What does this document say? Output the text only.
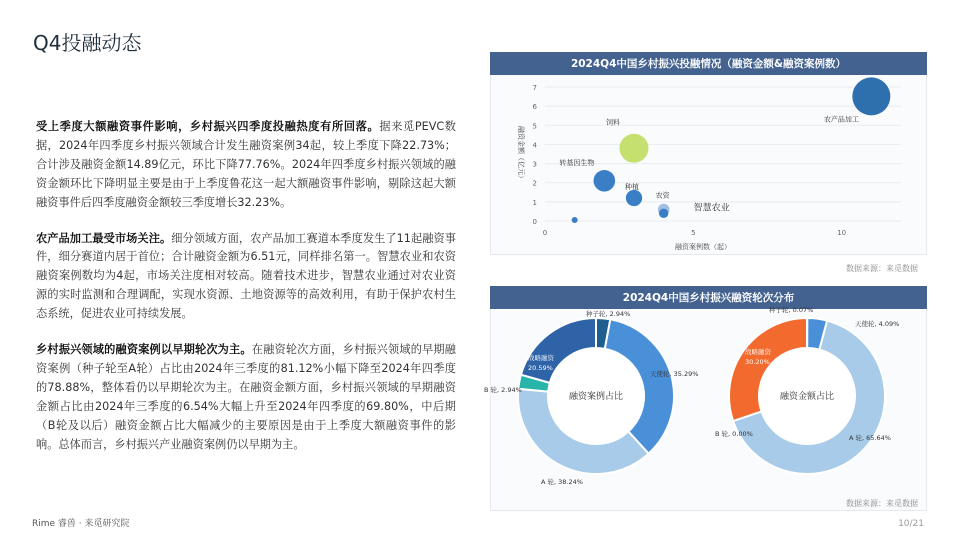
Q4投融动态

受上季度大额融资事件影响，乡村振兴四季度投融热度有所回落。据来觅PEVC数据，2024年四季度乡村振兴领域合计发生融资案例34起，较上季度下降22.73%；合计涉及融资金额14.89亿元，环比下降77.76%。2024年四季度乡村振兴领域的融资金额环比下降明显主要是由于上季度鲁花这一起大额融资事件影响，剔除这起大额融资事件后四季度融资金额较三季度增长32.23%。

农产品加工最受市场关注。细分领域方面，农产品加工赛道本季度发生了11起融资事件，细分赛道内居于首位；合计融资金额为6.51元，同样排名第一。智慧农业和农资融资案例数均为4起，市场关注度相对较高。随着技术进步，智慧农业通过对农业资源的实时监测和合理调配，实现水资源、土地资源等的高效利用，有助于保护农村生态系统，促进农业可持续发展。

乡村振兴领域的融资案例以早期轮次为主。在融资轮次方面，乡村振兴领域的早期融资案例（种子轮至A轮）占比由2024年三季度的81.12%小幅下降至2024年四季度的78.88%，整体看仍以早期轮次为主。在融资金额方面，乡村振兴领域的早期融资金额占比由2024年三季度的6.54%大幅上升至2024年四季度的69.80%，中后期（B轮及以后）融资金额占比大幅减少的主要原因是由于上季度大额融资事件的影响。总体而言，乡村振兴产业融资案例仍以早期为主。

2024Q4中国乡村振兴投融情况（融资金额&融资案例数）
0
1
2
3
4
5
6
7
0	5	10
融资案例数（起）
融资金额（亿元）
农产品加工
饲料
转基因生物
种植
农资
智慧农业
数据来源：来觅数据
2024Q4中国乡村振兴融资轮次分布
融资案例占比
种子轮, 2.94%
天使轮, 35.29%
A 轮, 38.24%
B 轮, 2.94%
战略融资
20.59%
融资金额占比
种子轮, 0.07%
天使轮, 4.09%
A 轮, 65.64%
B 轮, 0.00%
战略融资
30.20%
数据来源：来觅数据
Rime 睿兽 · 来觅研究院	10/21
